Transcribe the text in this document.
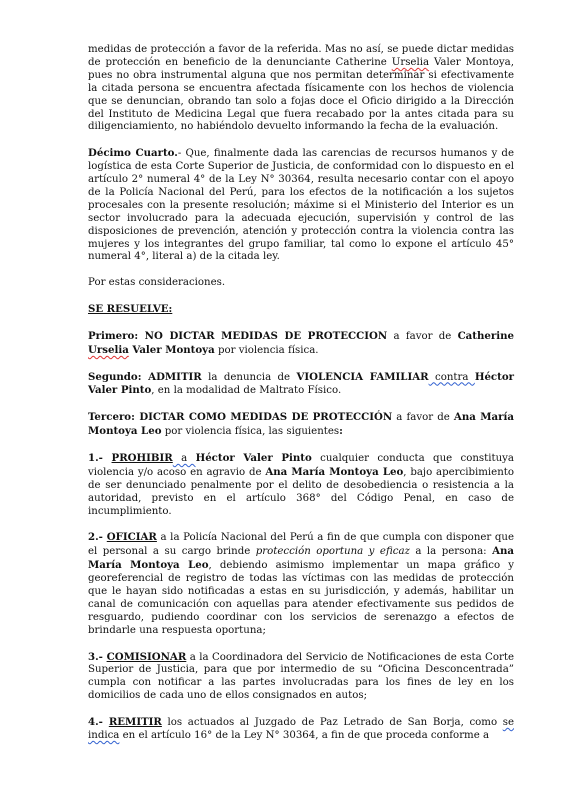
medidas de protección a favor de la referida. Mas no así, se puede dictar medidas de protección en beneficio de la denunciante Catherine Urselia Valer Montoya, pues no obra instrumental alguna que nos permitan determinar si efectivamente la citada persona se encuentra afectada físicamente con los hechos de violencia que se denuncian, obrando tan solo a fojas doce el Oficio dirigido a la Dirección del Instituto de Medicina Legal que fuera recabado por la antes citada para su diligenciamiento, no habiéndolo devuelto informando la fecha de la evaluación.

Décimo Cuarto.- Que, finalmente dada las carencias de recursos humanos y de logística de esta Corte Superior de Justicia, de conformidad con lo dispuesto en el artículo 2° numeral 4° de la Ley N° 30364, resulta necesario contar con el apoyo de la Policía Nacional del Perú, para los efectos de la notificación a los sujetos procesales con la presente resolución; máxime si el Ministerio del Interior es un sector involucrado para la adecuada ejecución, supervisión y control de las disposiciones de prevención, atención y protección contra la violencia contra las mujeres y los integrantes del grupo familiar, tal como lo expone el artículo 45° numeral 4°, literal a) de la citada ley.

Por estas consideraciones.

SE RESUELVE:

Primero: NO DICTAR MEDIDAS DE PROTECCION a favor de Catherine Urselia Valer Montoya por violencia física.

Segundo: ADMITIR la denuncia de VIOLENCIA FAMILIAR contra Héctor Valer Pinto, en la modalidad de Maltrato Físico.

Tercero: DICTAR COMO MEDIDAS DE PROTECCIÓN a favor de Ana María Montoya Leo por violencia física, las siguientes:

1.- PROHIBIR a Héctor Valer Pinto cualquier conducta que constituya violencia y/o acoso en agravio de Ana María Montoya Leo, bajo apercibimiento de ser denunciado penalmente por el delito de desobediencia o resistencia a la autoridad, previsto en el artículo 368° del Código Penal, en caso de incumplimiento.

2.- OFICIAR a la Policía Nacional del Perú a fin de que cumpla con disponer que el personal a su cargo brinde protección oportuna y eficaz a la persona: Ana María Montoya Leo, debiendo asimismo implementar un mapa gráfico y georeferencial de registro de todas las víctimas con las medidas de protección que le hayan sido notificadas a estas en su jurisdicción, y además, habilitar un canal de comunicación con aquellas para atender efectivamente sus pedidos de resguardo, pudiendo coordinar con los servicios de serenazgo a efectos de brindarle una respuesta oportuna;

3.- COMISIONAR a la Coordinadora del Servicio de Notificaciones de esta Corte Superior de Justicia, para que por intermedio de su “Oficina Desconcentrada” cumpla con notificar a las partes involucradas para los fines de ley en los domicilios de cada uno de ellos consignados en autos;

4.- REMITIR los actuados al Juzgado de Paz Letrado de San Borja, como se indica en el artículo 16° de la Ley N° 30364, a fin de que proceda conforme a
